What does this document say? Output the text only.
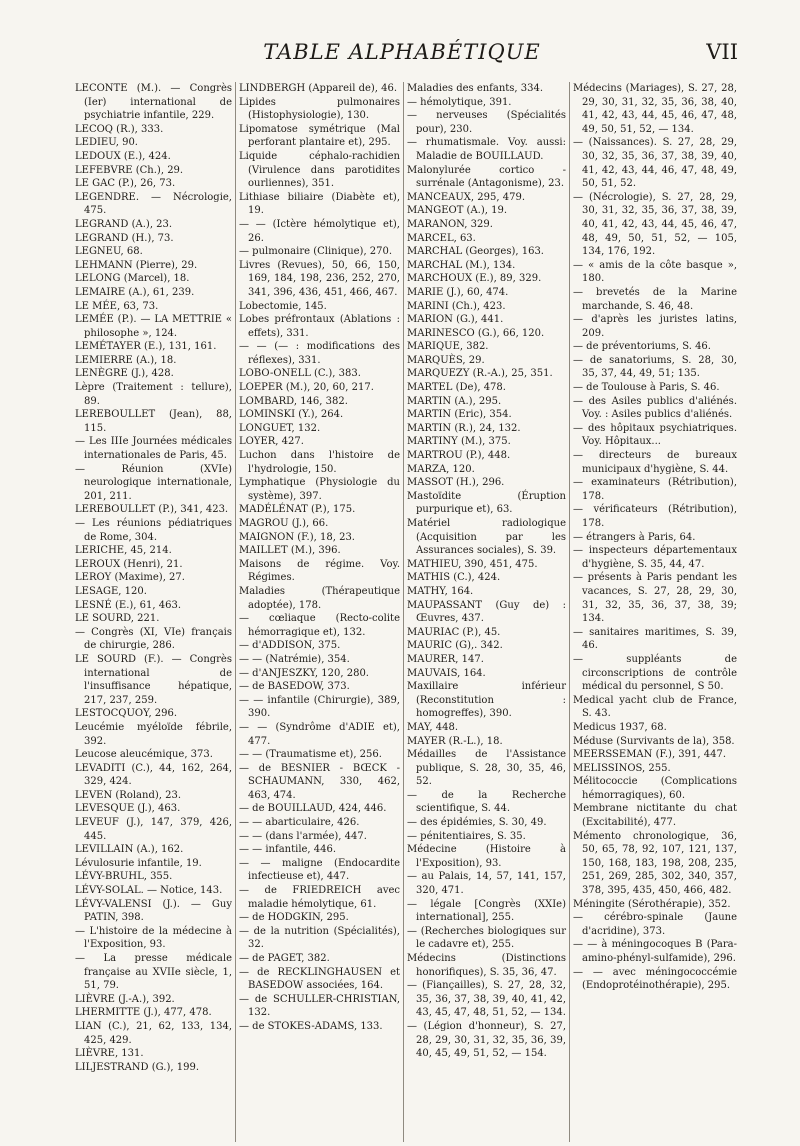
TABLE ALPHABÉTIQUE	VII

LECONTE (M.). — Congrès (Ier) international de psychiatrie infantile, 229.

LECOQ (R.), 333.

LEDIEU, 90.

LEDOUX (E.), 424.

LEFEBVRE (Ch.), 29.

LE GAC (P.), 26, 73.

LEGENDRE. — Nécrologie, 475.

LEGRAND (A.), 23.

LEGRAND (H.), 73.

LEGNEU, 68.

LEHMANN (Pierre), 29.

LELONG (Marcel), 18.

LEMAIRE (A.), 61, 239.

LE MÉE, 63, 73.

LEMÉE (P.). — LA METTRIE « philosophe », 124.

LEMÉTAYER (E.), 131, 161.

LEMIERRE (A.), 18.

LENÈGRE (J.), 428.

Lèpre (Traitement : tellure), 89.

LEREBOULLET (Jean), 88, 115.

— Les IIIe Journées médicales internationales de Paris, 45.

— Réunion (XVIe) neurologique internationale, 201, 211.

LEREBOULLET (P.), 341, 423.

— Les réunions pédiatriques de Rome, 304.

LERICHE, 45, 214.

LEROUX (Henri), 21.

LEROY (Maxime), 27.

LESAGE, 120.

LESNÉ (E.), 61, 463.

LE SOURD, 221.

— Congrès (XI, VIe) français de chirurgie, 286.

LE SOURD (F.). — Congrès international de l'insuffisance hépatique, 217, 237, 259.

LESTOCQUOY, 296.

Leucémie myéloïde fébrile, 392.

Leucose aleucémique, 373.

LEVADITI (C.), 44, 162, 264, 329, 424.

LEVEN (Roland), 23.

LEVESQUE (J.), 463.

LEVEUF (J.), 147, 379, 426, 445.

LEVILLAIN (A.), 162.

Lévulosurie infantile, 19.

LÉVY-BRUHL, 355.

LÉVY-SOLAL. — Notice, 143.

LÉVY-VALENSI (J.). — Guy PATIN, 398.

— L'histoire de la médecine à l'Exposition, 93.

— La presse médicale française au XVIIe siècle, 1, 51, 79.

LIÈVRE (J.-A.), 392.

LHERMITTE (J.), 477, 478.

LIAN (C.), 21, 62, 133, 134, 425, 429.

LIÈVRE, 131.

LILJESTRAND (G.), 199.

LINDBERGH (Appareil de), 46.

Lipides pulmonaires (Histophysiologie), 130.

Lipomatose symétrique (Mal perforant plantaire et), 295.

Liquide céphalo-rachidien (Virulence dans parotidites ourliennes), 351.

Lithiase biliaire (Diabète et), 19.

— — (Ictère hémolytique et), 26.

— pulmonaire (Clinique), 270.

Livres (Revues), 50, 66, 150, 169, 184, 198, 236, 252, 270, 341, 396, 436, 451, 466, 467.

Lobectomie, 145.

Lobes préfrontaux (Ablations : effets), 331.

— — (— : modifications des réflexes), 331.

LOBO-ONELL (C.), 383.

LOEPER (M.), 20, 60, 217.

LOMBARD, 146, 382.

LOMINSKI (Y.), 264.

LONGUET, 132.

LOYER, 427.

Luchon dans l'histoire de l'hydrologie, 150.

Lymphatique (Physiologie du système), 397.

MADÉLÉNAT (P.), 175.

MAGROU (J.), 66.

MAIGNON (F.), 18, 23.

MAILLET (M.), 396.

Maisons de régime. Voy. Régimes.

Maladies (Thérapeutique adoptée), 178.

— cœliaque (Recto-colite hémorragique et), 132.

— d'ADDISON, 375.

— — (Natrémie), 354.

— d'ANJESZKY, 120, 280.

— de BASEDOW, 373.

— — infantile (Chirurgie), 389, 390.

— — (Syndrôme d'ADIE et), 477.

— — (Traumatisme et), 256.

— de BESNIER - BŒCK - SCHAUMANN, 330, 462, 463, 474.

— de BOUILLAUD, 424, 446.

— — abarticulaire, 426.

— — (dans l'armée), 447.

— — infantile, 446.

— — maligne (Endocardite infectieuse et), 447.

— de FRIEDREICH avec maladie hémolytique, 61.

— de HODGKIN, 295.

— de la nutrition (Spécialités), 32.

— de PAGET, 382.

— de RECKLINGHAUSEN et BASEDOW associées, 164.

— de SCHULLER-CHRISTIAN, 132.

— de STOKES-ADAMS, 133.

Maladies des enfants, 334.

— hémolytique, 391.

— nerveuses (Spécialités pour), 230.

— rhumatismale. Voy. aussi: Maladie de BOUILLAUD.

Malonylurée cortico - surrénale (Antagonisme), 23.

MANCEAUX, 295, 479.

MANGEOT (A.), 19.

MARANON, 329.

MARCEL, 63.

MARCHAL (Georges), 163.

MARCHAL (M.), 134.

MARCHOUX (E.), 89, 329.

MARIE (J.), 60, 474.

MARINI (Ch.), 423.

MARION (G.), 441.

MARINESCO (G.), 66, 120.

MARIQUE, 382.

MARQUÈS, 29.

MARQUEZY (R.-A.), 25, 351.

MARTEL (De), 478.

MARTIN (A.), 295.

MARTIN (Eric), 354.

MARTIN (R.), 24, 132.

MARTINY (M.), 375.

MARTROU (P.), 448.

MARZA, 120.

MASSOT (H.), 296.

Mastoïdite (Éruption purpurique et), 63.

Matériel radiologique (Acquisition par les Assurances sociales), S. 39.

MATHIEU, 390, 451, 475.

MATHIS (C.), 424.

MATHY, 164.

MAUPASSANT (Guy de) : Œuvres, 437.

MAURIAC (P.), 45.

MAURIC (G),. 342.

MAURER, 147.

MAUVAIS, 164.

Maxillaire inférieur (Reconstitution : homogreffes), 390.

MAY, 448.

MAYER (R.-L.), 18.

Médailles de l'Assistance publique, S. 28, 30, 35, 46, 52.

— de la Recherche scientifique, S. 44.

— des épidémies, S. 30, 49.

— pénitentiaires, S. 35.

Médecine (Histoire à l'Exposition), 93.

— au Palais, 14, 57, 141, 157, 320, 471.

— légale [Congrès (XXIe) international], 255.

— (Recherches biologiques sur le cadavre et), 255.

Médecins (Distinctions honorifiques), S. 35, 36, 47.

— (Fiançailles), S. 27, 28, 32, 35, 36, 37, 38, 39, 40, 41, 42, 43, 45, 47, 48, 51, 52, — 134.

— (Légion d'honneur), S. 27, 28, 29, 30, 31, 32, 35, 36, 39, 40, 45, 49, 51, 52, — 154.

Médecins (Mariages), S. 27, 28, 29, 30, 31, 32, 35, 36, 38, 40, 41, 42, 43, 44, 45, 46, 47, 48, 49, 50, 51, 52, — 134.

— (Naissances). S. 27, 28, 29, 30, 32, 35, 36, 37, 38, 39, 40, 41, 42, 43, 44, 46, 47, 48, 49, 50, 51, 52.

— (Nécrologie), S. 27, 28, 29, 30, 31, 32, 35, 36, 37, 38, 39, 40, 41, 42, 43, 44, 45, 46, 47, 48, 49, 50, 51, 52, — 105, 134, 176, 192.

— « amis de la côte basque », 180.

— brevetés de la Marine marchande, S. 46, 48.

— d'après les juristes latins, 209.

— de préventoriums, S. 46.

— de sanatoriums, S. 28, 30, 35, 37, 44, 49, 51; 135.

— de Toulouse à Paris, S. 46.

— des Asiles publics d'aliénés. Voy. : Asiles publics d'aliénés.

— des hôpitaux psychiatriques. Voy. Hôpitaux...

— directeurs de bureaux municipaux d'hygiène, S. 44.

— examinateurs (Rétribution), 178.

— vérificateurs (Rétribution), 178.

— étrangers à Paris, 64.

— inspecteurs départementaux d'hygiène, S. 35, 44, 47.

— présents à Paris pendant les vacances, S. 27, 28, 29, 30, 31, 32, 35, 36, 37, 38, 39; 134.

— sanitaires maritimes, S. 39, 46.

— suppléants de circonscriptions de contrôle médical du personnel, S 50.

Medical yacht club de France, S. 43.

Medicus 1937, 68.

Méduse (Survivants de la), 358.

MEERSSEMAN (F.), 391, 447.

MELISSINOS, 255.

Mélitococcie (Complications hémorragiques), 60.

Membrane nictitante du chat (Excitabilité), 477.

Mémento chronologique, 36, 50, 65, 78, 92, 107, 121, 137, 150, 168, 183, 198, 208, 235, 251, 269, 285, 302, 340, 357, 378, 395, 435, 450, 466, 482.

Méningite (Sérothérapie), 352.

— cérébro-spinale (Jaune d'acridine), 373.

— — à méningocoques B (Para-amino-phényl-sulfamide), 296.

— — avec méningococcémie (Endoprotéinothérapie), 295.
